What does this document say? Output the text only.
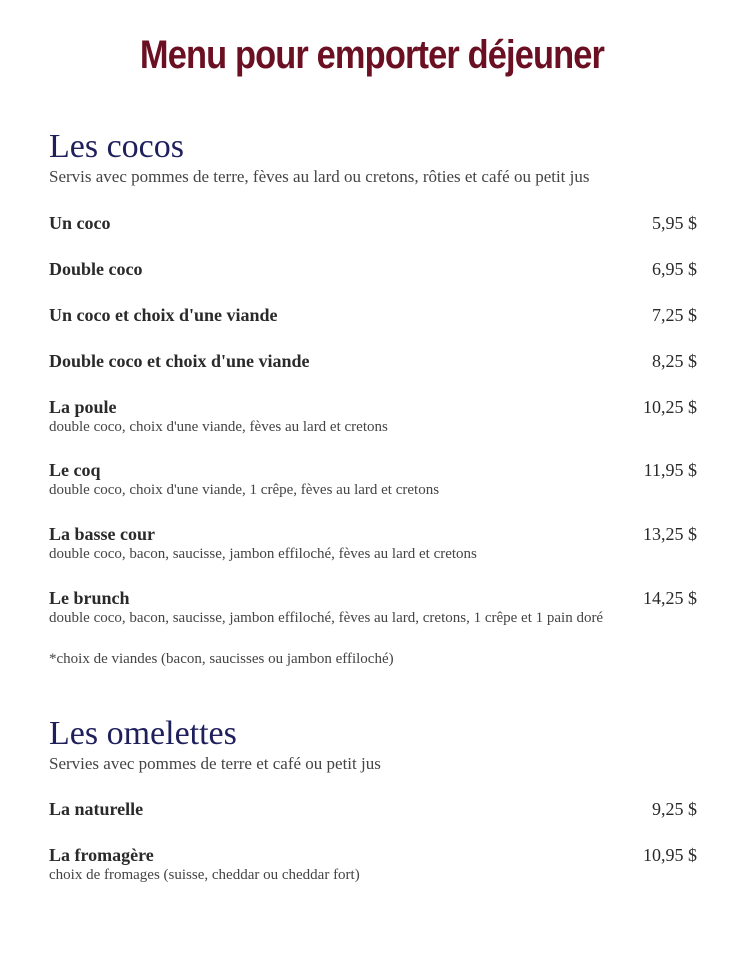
Menu pour emporter déjeuner
Les cocos

Servis avec pommes de terre, fèves au lard ou cretons, rôties et café ou petit jus

Un coco	5,95 $
Double coco	6,95 $
Un coco et choix d'une viande	7,25 $
Double coco et choix d'une viande	8,25 $
La poule	10,25 $
double coco, choix d'une viande, fèves au lard et cretons
Le coq	11,95 $
double coco, choix d'une viande, 1 crêpe, fèves au lard et cretons
La basse cour	13,25 $
double coco, bacon, saucisse, jambon effiloché, fèves au lard et cretons
Le brunch	14,25 $
double coco, bacon, saucisse, jambon effiloché, fèves au lard, cretons, 1 crêpe et 1 pain doré
*choix de viandes (bacon, saucisses ou jambon effiloché)
Les omelettes

Servies avec pommes de terre et café ou petit jus

La naturelle	9,25 $
La fromagère	10,95 $
choix de fromages (suisse, cheddar ou cheddar fort)
